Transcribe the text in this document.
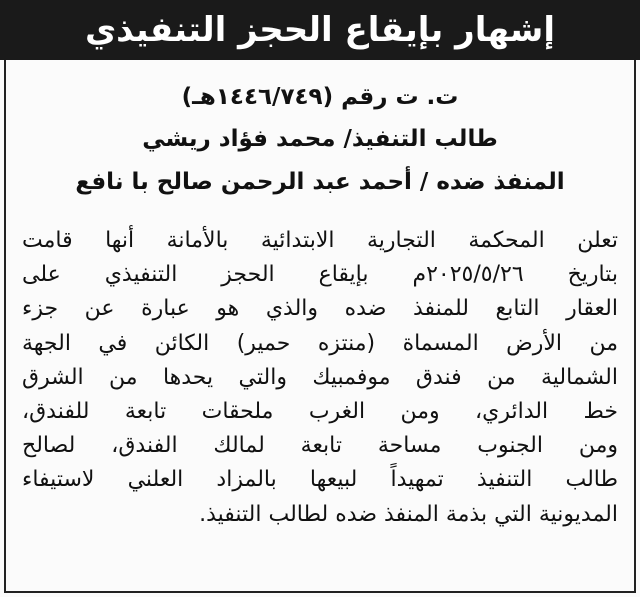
إشهار بإيقاع الحجز التنفيذي
ت. ت رقم (١٤٤٦/٧٤٩هـ)
طالب التنفيذ/ محمد فؤاد ريشي
المنفذ ضده / أحمد عبد الرحمن صالح با نافع
تعلن المحكمة التجارية الابتدائية بالأمانة أنها قامت
بتاريخ ٢٠٢٥/٥/٢٦م بإيقاع الحجز التنفيذي على
العقار التابع للمنفذ ضده والذي هو عبارة عن جزء
من الأرض المسماة (منتزه حمير) الكائن في الجهة
الشمالية من فندق موفمبيك والتي يحدها من الشرق
خط الدائري، ومن الغرب ملحقات تابعة للفندق،
ومن الجنوب مساحة تابعة لمالك الفندق، لصالح
طالب التنفيذ تمهيداً لبيعها بالمزاد العلني لاستيفاء
المديونية التي بذمة المنفذ ضده لطالب التنفيذ.
